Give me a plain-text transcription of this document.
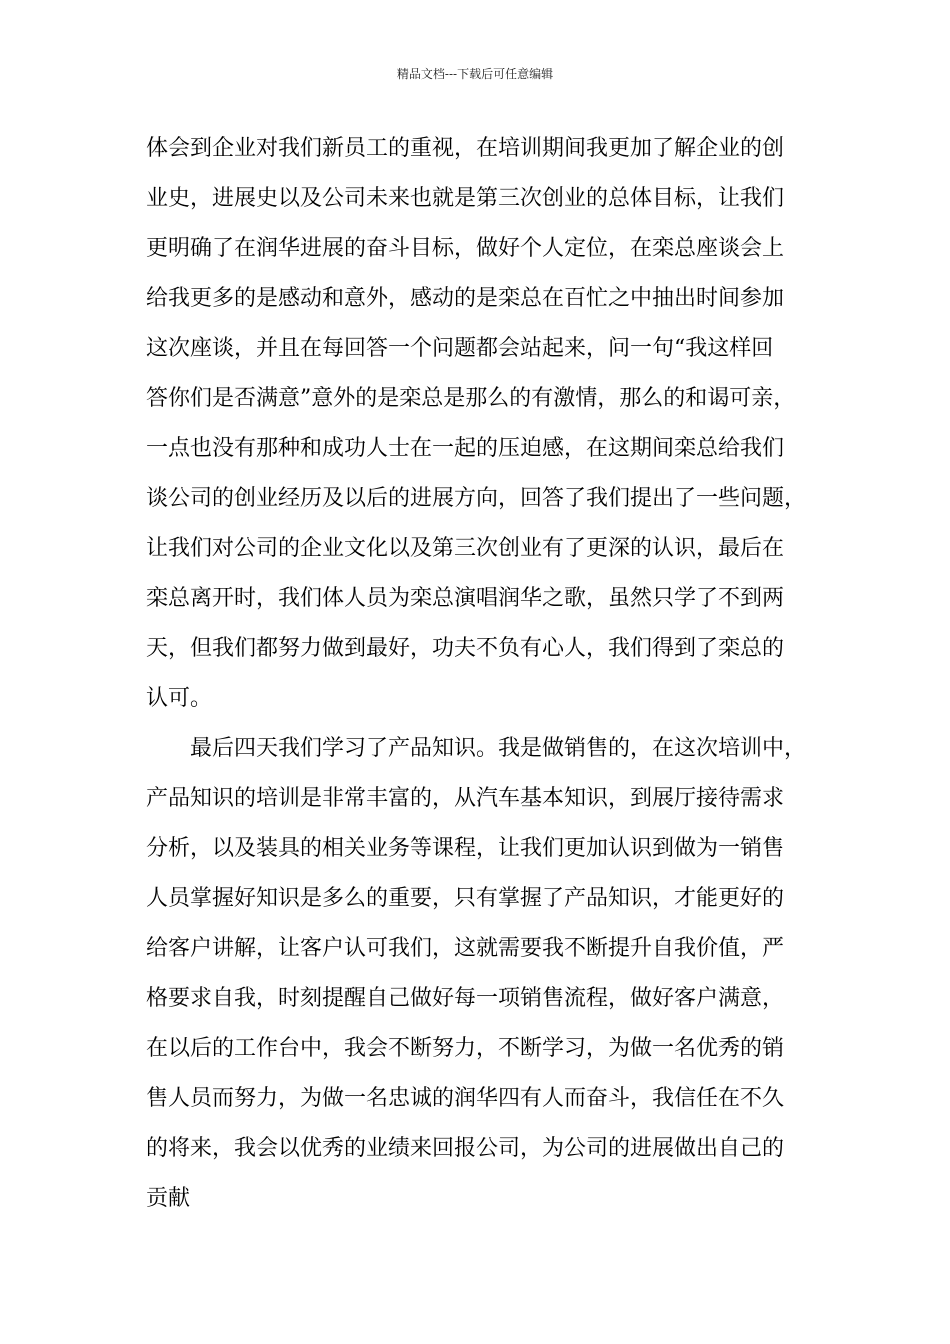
精品文档---下载后可任意编辑
体会到企业对我们新员工的重视，在培训期间我更加了解企业的创
业史，进展史以及公司未来也就是第三次创业的总体目标，让我们
更明确了在润华进展的奋斗目标，做好个人定位，在栾总座谈会上
给我更多的是感动和意外，感动的是栾总在百忙之中抽出时间参加
这次座谈，并且在每回答一个问题都会站起来，问一句“我这样回
答你们是否满意”意外的是栾总是那么的有激情，那么的和谒可亲，
一点也没有那种和成功人士在一起的压迫感，在这期间栾总给我们
谈公司的创业经历及以后的进展方向，回答了我们提出了一些问题，
让我们对公司的企业文化以及第三次创业有了更深的认识，最后在
栾总离开时，我们体人员为栾总演唱润华之歌，虽然只学了不到两
天，但我们都努力做到最好，功夫不负有心人，我们得到了栾总的
认可。
最后四天我们学习了产品知识。我是做销售的，在这次培训中，
产品知识的培训是非常丰富的，从汽车基本知识，到展厅接待需求
分析，以及装具的相关业务等课程，让我们更加认识到做为一销售
人员掌握好知识是多么的重要，只有掌握了产品知识，才能更好的
给客户讲解，让客户认可我们，这就需要我不断提升自我价值，严
格要求自我，时刻提醒自己做好每一项销售流程，做好客户满意，
在以后的工作台中，我会不断努力，不断学习，为做一名优秀的销
售人员而努力，为做一名忠诚的润华四有人而奋斗，我信任在不久
的将来，我会以优秀的业绩来回报公司，为公司的进展做出自己的
贡献
